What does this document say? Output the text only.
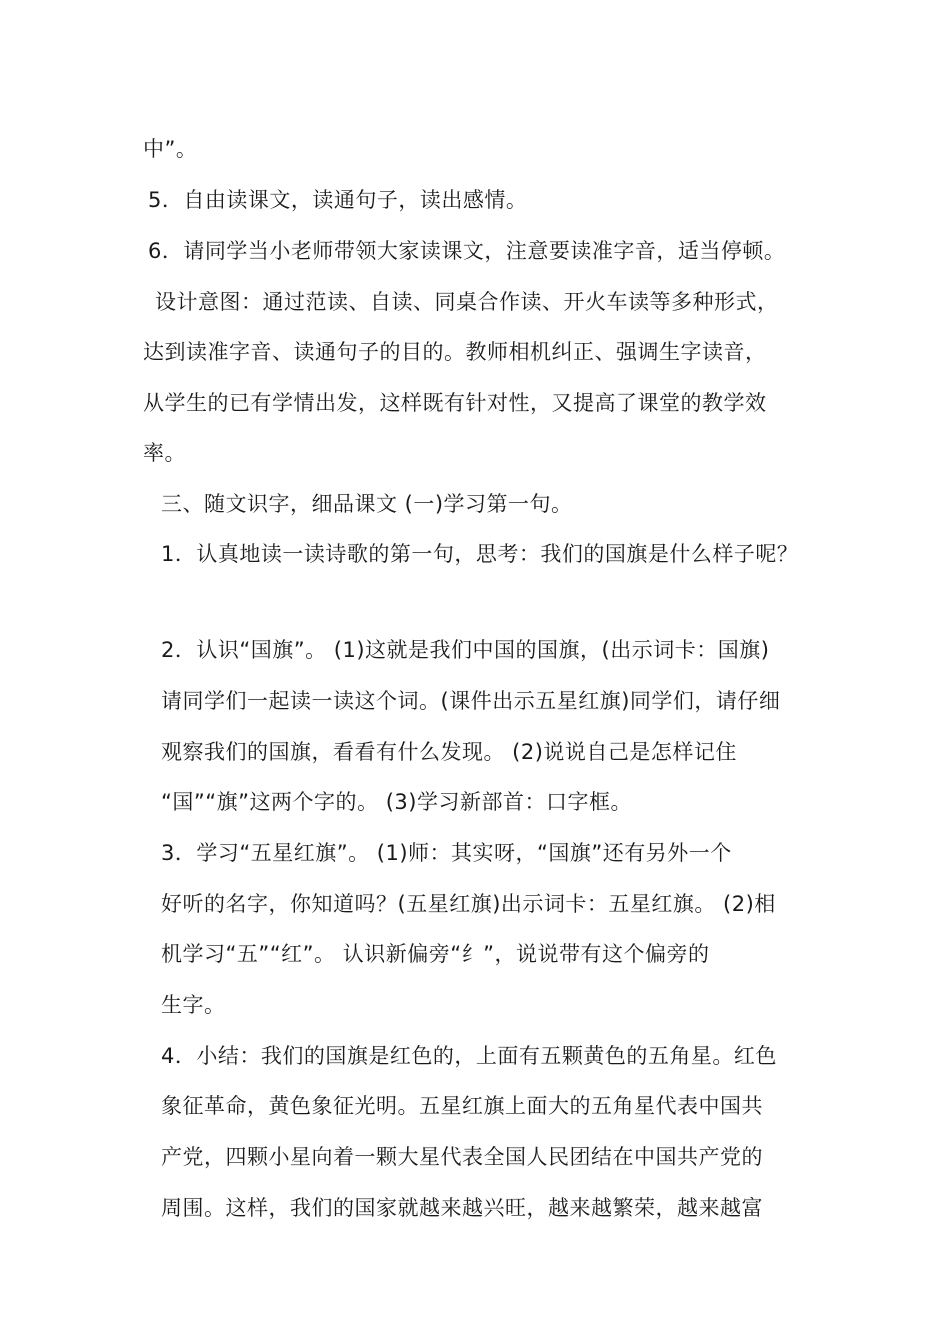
中”。
5．自由读课文，读通句子，读出感情。
6．请同学当小老师带领大家读课文，注意要读准字音，适当停顿。
设计意图：通过范读、自读、同桌合作读、开火车读等多种形式，
达到读准字音、读通句子的目的。教师相机纠正、强调生字读音，
从学生的已有学情出发，这样既有针对性，又提高了课堂的教学效
率。
三、随文识字，细品课文 (一)学习第一句。
1．认真地读一读诗歌的第一句，思考：我们的国旗是什么样子呢？
2．认识“国旗”。 (1)这就是我们中国的国旗，(出示词卡：国旗)
请同学们一起读一读这个词。(课件出示五星红旗)同学们，请仔细
观察我们的国旗，看看有什么发现。 (2)说说自己是怎样记住
“国”“旗”这两个字的。 (3)学习新部首：口字框。
3．学习“五星红旗”。 (1)师：其实呀，“国旗”还有另外一个
好听的名字，你知道吗？(五星红旗)出示词卡：五星红旗。 (2)相
机学习“五”“红”。 认识新偏旁“纟”，说说带有这个偏旁的
生字。
4．小结：我们的国旗是红色的，上面有五颗黄色的五角星。红色
象征革命，黄色象征光明。五星红旗上面大的五角星代表中国共
产党，四颗小星向着一颗大星代表全国人民团结在中国共产党的
周围。这样，我们的国家就越来越兴旺，越来越繁荣，越来越富
